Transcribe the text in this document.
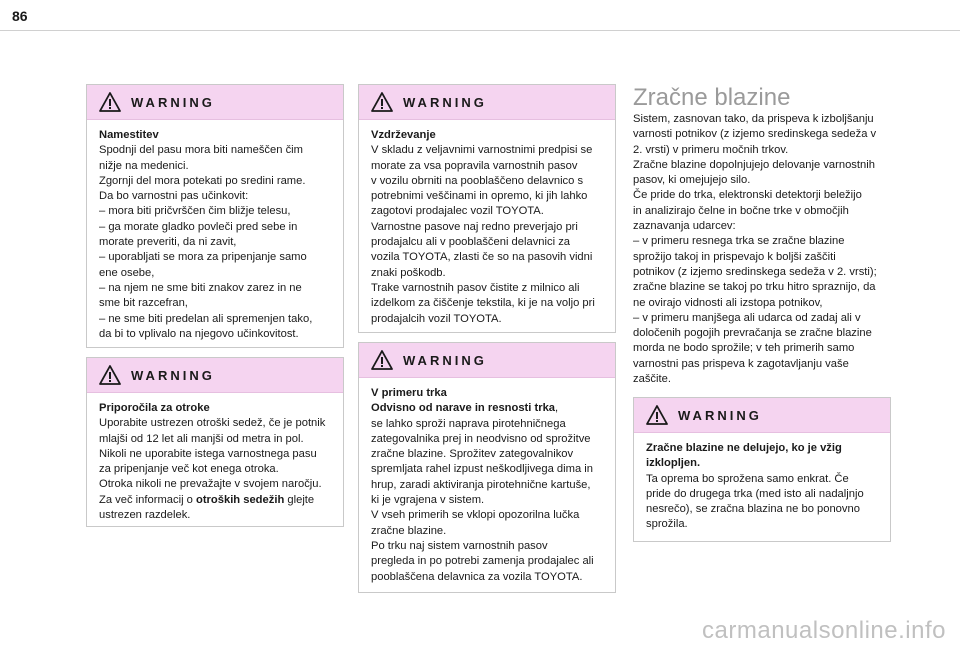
86
WARNING
Namestitev
Spodnji del pasu mora biti nameščen čim
nižje na medenici.
Zgornji del mora potekati po sredini rame.
Da bo varnostni pas učinkovit:
– mora biti pričvrščen čim bližje telesu,
– ga morate gladko povleči pred sebe in
morate preveriti, da ni zavit,
– uporabljati se mora za pripenjanje samo
ene osebe,
– na njem ne sme biti znakov zarez in ne
sme bit razcefran,
– ne sme biti predelan ali spremenjen tako,
da bi to vplivalo na njegovo učinkovitost.
WARNING
Priporočila za otroke
Uporabite ustrezen otroški sedež, če je potnik
mlajši od 12 let ali manjši od metra in pol.
Nikoli ne uporabite istega varnostnega pasu
za pripenjanje več kot enega otroka.
Otroka nikoli ne prevažajte v svojem naročju.
Za več informacij o otroških sedežih glejte
ustrezen razdelek.
WARNING
Vzdrževanje
V skladu z veljavnimi varnostnimi predpisi se
morate za vsa popravila varnostnih pasov
v vozilu obrniti na pooblaščeno delavnico s
potrebnimi veščinami in opremo, ki jih lahko
zagotovi prodajalec vozil TOYOTA.
Varnostne pasove naj redno preverjajo pri
prodajalcu ali v pooblaščeni delavnici za
vozila TOYOTA, zlasti če so na pasovih vidni
znaki poškodb.
Trake varnostnih pasov čistite z milnico ali
izdelkom za čiščenje tekstila, ki je na voljo pri
prodajalcih vozil TOYOTA.
WARNING
V primeru trka
Odvisno od narave in resnosti trka,
se lahko sproži naprava pirotehničnega
zategovalnika prej in neodvisno od sprožitve
zračne blazine. Sprožitev zategovalnikov
spremljata rahel izpust neškodljivega dima in
hrup, zaradi aktiviranja pirotehnične kartuše,
ki je vgrajena v sistem.
V vseh primerih se vklopi opozorilna lučka
zračne blazine.
Po trku naj sistem varnostnih pasov
pregleda in po potrebi zamenja prodajalec ali
pooblaščena delavnica za vozila TOYOTA.
Zračne blazine
Sistem, zasnovan tako, da prispeva k izboljšanju
varnosti potnikov (z izjemo sredinskega sedeža v
2. vrsti) v primeru močnih trkov.
Zračne blazine dopolnjujejo delovanje varnostnih
pasov, ki omejujejo silo.
Če pride do trka, elektronski detektorji beležijo
in analizirajo čelne in bočne trke v območjih
zaznavanja udarcev:
– v primeru resnega trka se zračne blazine
sprožijo takoj in prispevajo k boljši zaščiti
potnikov (z izjemo sredinskega sedeža v 2. vrsti);
zračne blazine se takoj po trku hitro spraznijo, da
ne ovirajo vidnosti ali izstopa potnikov,
– v primeru manjšega ali udarca od zadaj ali v
določenih pogojih prevračanja se zračne blazine
morda ne bodo sprožile; v teh primerih samo
varnostni pas prispeva k zagotavljanju vaše
zaščite.
WARNING
Zračne blazine ne delujejo, ko je vžig
izklopljen.
Ta oprema bo sprožena samo enkrat. Če
pride do drugega trka (med isto ali nadaljnjo
nesrečo), se zračna blazina ne bo ponovno
sprožila.
carmanualsonline.info
